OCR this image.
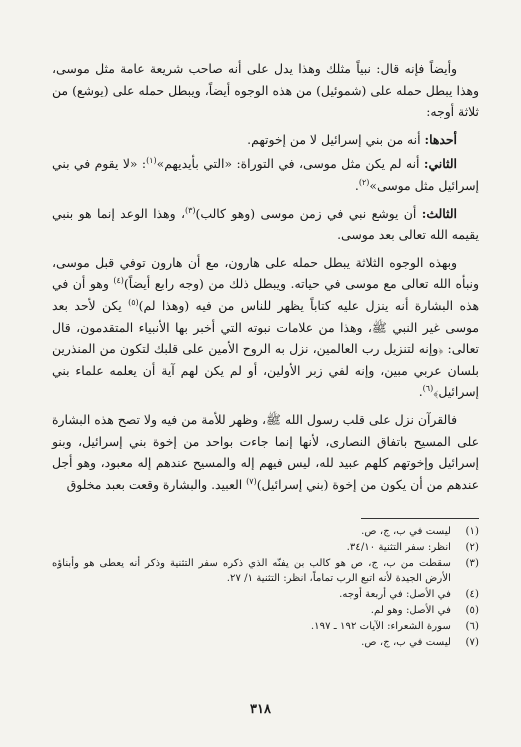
وأيضاً فإنه قال: نبياً مثلك وهذا يدل على أنه صاحب شريعة عامة مثل موسى، وهذا يبطل حمله على (شموئيل) من هذه الوجوه أيضاً، ويبطل حمله على (يوشع) من ثلاثة أوجه:

أحدها: أنه من بني إسرائيل لا من إخوتهم.

الثاني: أنه لم يكن مثل موسى، في التوراة: «التي بأيديهم»$^{(١)}$: «لا يقوم في بني إسرائيل مثل موسى»$^{(٢)}$.

الثالث: أن يوشع نبي في زمن موسى (وهو كالب)$^{(٣)}$، وهذا الوعد إنما هو بنبي يقيمه الله تعالى بعد موسى.

وبهذه الوجوه الثلاثة يبطل حمله على هارون، مع أن هارون توفي قبل موسى، ونبأه الله تعالى مع موسى في حياته. ويبطل ذلك من (وجه رابع أيضاً)$^{(٤)}$ وهو أن في هذه البشارة أنه ينزل عليه كتاباً يظهر للناس من فيه (وهذا لم)$^{(٥)}$ يكن لأحد بعد موسى غير النبي ﷺ، وهذا من علامات نبوته التي أخبر بها الأنبياء المتقدمون، قال تعالى: ﴿وإنه لتنزيل رب العالمين، نزل به الروح الأمين على قلبك لتكون من المنذرين بلسان عربي مبين، وإنه لفي زبر الأولين، أو لم يكن لهم آية أن يعلمه علماء بني إسرائيل﴾$^{(٦)}$.

فالقرآن نزل على قلب رسول الله ﷺ، وظهر للأمة من فيه ولا تصح هذه البشارة على المسيح باتفاق النصارى، لأنها إنما جاءت بواحد من إخوة بني إسرائيل، وبنو إسرائيل وإخوتهم كلهم عبيد لله، ليس فيهم إله والمسيح عندهم إله معبود، وهو أجل عندهم من أن يكون من إخوة (بني إسرائيل)$^{(٧)}$ العبيد. والبشارة وقعت بعبد مخلوق

(١)
ليست في ب، ج، ص.
(٢)
انظر: سفر التثنية ٣٤/١٠.
(٣)
سقطت من ب، ج، ص هو كالب بن يفنّه الذي ذكره سفر التثنية وذكر أنه يعطى هو وأبناؤه الأرض الجيدة لأنه اتبع الرب تماماً، انظر: التثنية ١/ ٢٧.
(٤)
في الأصل: في أربعة أوجه.
(٥)
في الأصل: وهو لم.
(٦)
سورة الشعراء: الآيات ١٩٢ ـ ١٩٧.
(٧)
ليست في ب، ج، ص.
٣١٨
